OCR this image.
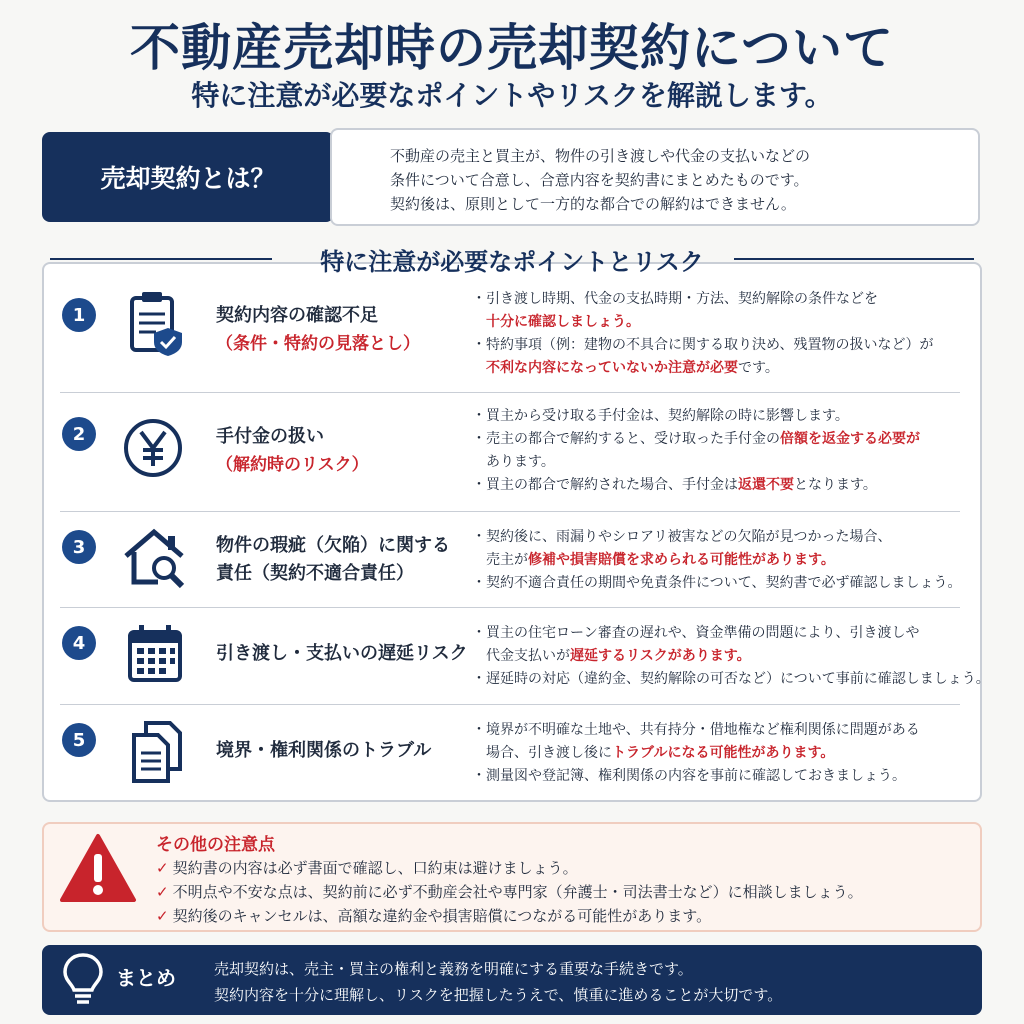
不動産売却時の売却契約について
特に注意が必要なポイントやリスクを解説します。
売却契約とは？
不動産の売主と買主が、物件の引き渡しや代金の支払いなどの
条件について合意し、合意内容を契約書にまとめたものです。
契約後は、原則として一方的な都合での解約はできません。
1	契約内容の確認不足
（条件・特約の見落とし）
・引き渡し時期、代金の支払時期・方法、契約解除の条件などを
十分に確認しましょう。
・特約事項（例：建物の不具合に関する取り決め、残置物の扱いなど）が
不利な内容になっていないか注意が必要です。
2	手付金の扱い
（解約時のリスク）
・買主から受け取る手付金は、契約解除の時に影響します。
・売主の都合で解約すると、受け取った手付金の倍額を返金する必要が
あります。
・買主の都合で解約された場合、手付金は返還不要となります。
3	物件の瑕疵（欠陥）に関する
責任（契約不適合責任）
・契約後に、雨漏りやシロアリ被害などの欠陥が見つかった場合、
売主が修補や損害賠償を求められる可能性があります。
・契約不適合責任の期間や免責条件について、契約書で必ず確認しましょう。
4	引き渡し・支払いの遅延リスク
・買主の住宅ローン審査の遅れや、資金準備の問題により、引き渡しや
代金支払いが遅延するリスクがあります。
・遅延時の対応（違約金、契約解除の可否など）について事前に確認しましょう。
5	境界・権利関係のトラブル
・境界が不明確な土地や、共有持分・借地権など権利関係に問題がある
場合、引き渡し後にトラブルになる可能性があります。
・測量図や登記簿、権利関係の内容を事前に確認しておきましょう。
特に注意が必要なポイントとリスク
その他の注意点
✓ 契約書の内容は必ず書面で確認し、口約束は避けましょう。
✓ 不明点や不安な点は、契約前に必ず不動産会社や専門家（弁護士・司法書士など）に相談しましょう。
✓ 契約後のキャンセルは、高額な違約金や損害賠償につながる可能性があります。
まとめ	売却契約は、売主・買主の権利と義務を明確にする重要な手続きです。
契約内容を十分に理解し、リスクを把握したうえで、慎重に進めることが大切です。
